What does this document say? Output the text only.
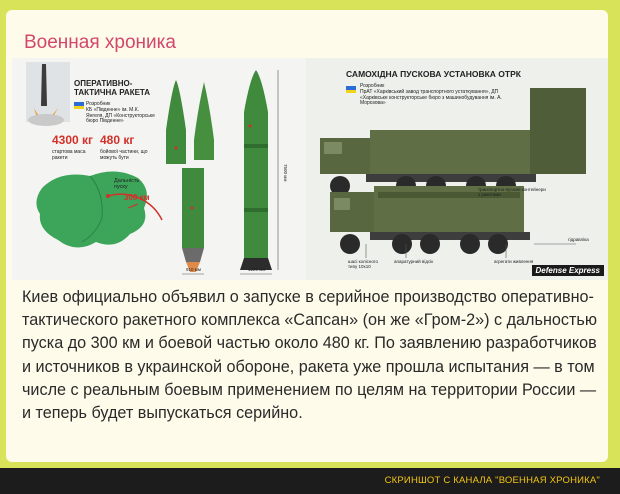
Военная хроника
ОПЕРАТИВНО-
ТАКТИЧНА РАКЕТА
Розробник
КБ «Південне» ім. М.К. Янгеля, ДП «Конструкторське бюро Південне»
4300 кг
стартова маса ракети
480 кг
бойової частини, що можуть бути
Дальність пуску
300 км
910 мм	1220 мм
7500 мм
САМОХІДНА ПУСКОВА УСТАНОВКА ОТРК
Розробник
ПрАТ «Харківський завод транспортного устаткування», ДП «Харківське конструкторське бюро з машинобудування ім. А. Морозова»
транспортно-пускові контейнери з ракетами
шасі колісного типу 10х10
апаратурний відсік	агрегати живлення
гідравліка
Defense Express
Киев официально объявил о запуске в серийное производство оперативно-тактического ракетного комплекса «Сапсан» (он же «Гром-2») с дальностью пуска до 300 км и боевой частью около 480 кг. По заявлению разработчиков и источников в украинской обороне, ракета уже прошла испытания — в том числе с реальным боевым применением по целям на территории России — и теперь будет выпускаться серийно.
СКРИНШОТ С КАНАЛА "ВОЕННАЯ ХРОНИКА"
